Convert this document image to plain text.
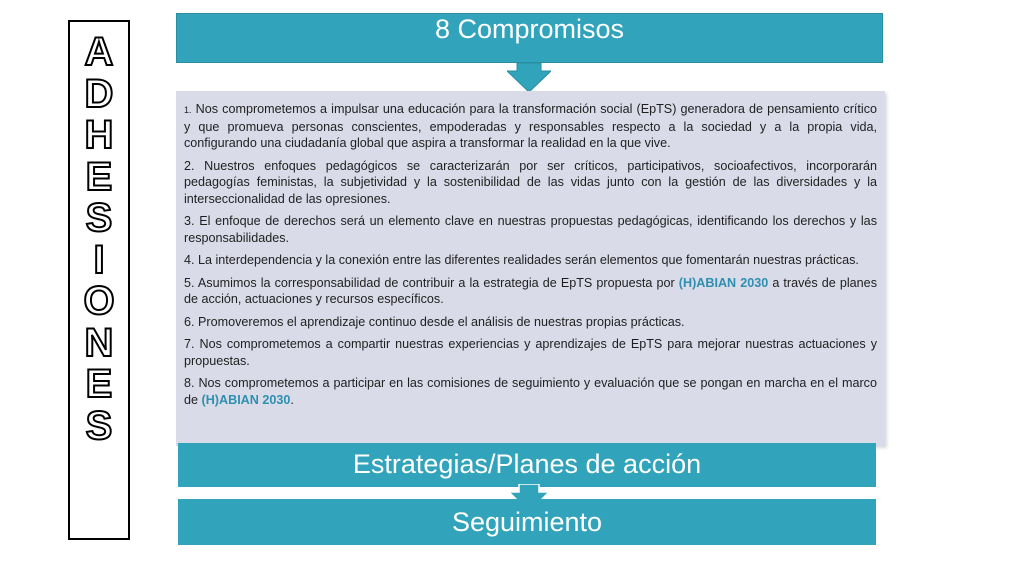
A
D
H
E
S
I
O
N
E
S
8 Compromisos

1. Nos comprometemos a impulsar una educación para la transformación social (EpTS) generadora de pensamiento crítico y que promueva personas conscientes, empoderadas y responsables respecto a la sociedad y a la propia vida, configurando una ciudadanía global que aspira a transformar la realidad en la que vive.

2. Nuestros enfoques pedagógicos se caracterizarán por ser críticos, participativos, socioafectivos, incorporarán pedagogías feministas, la subjetividad y la sostenibilidad de las vidas junto con la gestión de las diversidades y la interseccionalidad de las opresiones.

3. El enfoque de derechos será un elemento clave en nuestras propuestas pedagógicas, identificando los derechos y las responsabilidades.

4. La interdependencia y la conexión entre las diferentes realidades serán elementos que fomentarán nuestras prácticas.

5. Asumimos la corresponsabilidad de contribuir a la estrategia de EpTS propuesta por (H)ABIAN 2030 a través de planes de acción, actuaciones y recursos específicos.

6. Promoveremos el aprendizaje continuo desde el análisis de nuestras propias prácticas.

7. Nos comprometemos a compartir nuestras experiencias y aprendizajes de EpTS para mejorar nuestras actuaciones y propuestas.

8. Nos comprometemos a participar en las comisiones de seguimiento y evaluación que se pongan en marcha en el marco de (H)ABIAN 2030.

Estrategias/Planes de acción
Seguimiento
